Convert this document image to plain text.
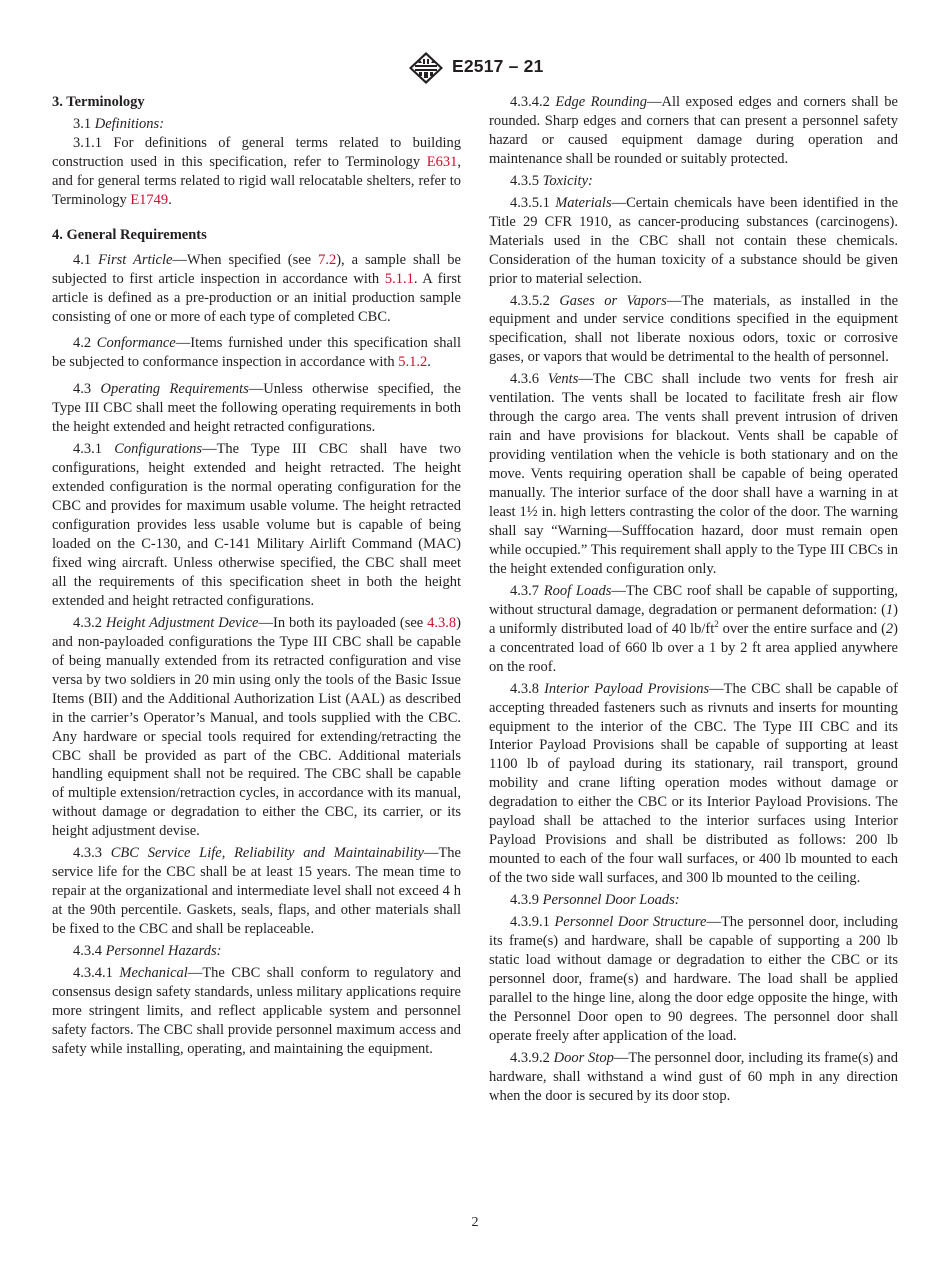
E2517 – 21
3. Terminology

3.1 Definitions:

3.1.1 For definitions of general terms related to building construction used in this specification, refer to Terminology E631, and for general terms related to rigid wall relocatable shelters, refer to Terminology E1749.

4. General Requirements

4.1 First Article—When specified (see 7.2), a sample shall be subjected to first article inspection in accordance with 5.1.1. A first article is defined as a pre-production or an initial production sample consisting of one or more of each type of completed CBC.

4.2 Conformance—Items furnished under this specification shall be subjected to conformance inspection in accordance with 5.1.2.

4.3 Operating Requirements—Unless otherwise specified, the Type III CBC shall meet the following operating requirements in both the height extended and height retracted configurations.

4.3.1 Configurations—The Type III CBC shall have two configurations, height extended and height retracted. The height extended configuration is the normal operating configuration for the CBC and provides for maximum usable volume. The height retracted configuration provides less usable volume but is capable of being loaded on the C-130, and C-141 Military Airlift Command (MAC) fixed wing aircraft. Unless otherwise specified, the CBC shall meet all the requirements of this specification sheet in both the height extended and height retracted configurations.

4.3.2 Height Adjustment Device—In both its payloaded (see 4.3.8) and non-payloaded configurations the Type III CBC shall be capable of being manually extended from its retracted configuration and vise versa by two soldiers in 20 min using only the tools of the Basic Issue Items (BII) and the Additional Authorization List (AAL) as described in the carrier’s Operator’s Manual, and tools supplied with the CBC. Any hardware or special tools required for extending/retracting the CBC shall be provided as part of the CBC. Additional materials handling equipment shall not be required. The CBC shall be capable of multiple extension/retraction cycles, in accordance with its manual, without damage or degradation to either the CBC, its carrier, or its height adjustment devise.

4.3.3 CBC Service Life, Reliability and Maintainability—The service life for the CBC shall be at least 15 years. The mean time to repair at the organizational and intermediate level shall not exceed 4 h at the 90th percentile. Gaskets, seals, flaps, and other materials shall be fixed to the CBC and shall be replaceable.

4.3.4 Personnel Hazards:

4.3.4.1 Mechanical—The CBC shall conform to regulatory and consensus design safety standards, unless military applications require more stringent limits, and reflect applicable system and personnel safety factors. The CBC shall provide personnel maximum access and safety while installing, operating, and maintaining the equipment.

4.3.4.2 Edge Rounding—All exposed edges and corners shall be rounded. Sharp edges and corners that can present a personnel safety hazard or caused equipment damage during operation and maintenance shall be rounded or suitably protected.

4.3.5 Toxicity:

4.3.5.1 Materials—Certain chemicals have been identified in the Title 29 CFR 1910, as cancer-producing substances (carcinogens). Materials used in the CBC shall not contain these chemicals. Consideration of the human toxicity of a substance should be given prior to material selection.

4.3.5.2 Gases or Vapors—The materials, as installed in the equipment and under service conditions specified in the equipment specification, shall not liberate noxious odors, toxic or corrosive gases, or vapors that would be detrimental to the health of personnel.

4.3.6 Vents—The CBC shall include two vents for fresh air ventilation. The vents shall be located to facilitate fresh air flow through the cargo area. The vents shall prevent intrusion of driven rain and have provisions for blackout. Vents shall be capable of providing ventilation when the vehicle is both stationary and on the move. Vents requiring operation shall be capable of being operated manually. The interior surface of the door shall have a warning in at least 1½ in. high letters contrasting the color of the door. The warning shall say “Warning—Sufffocation hazard, door must remain open while occupied.” This requirement shall apply to the Type III CBCs in the height extended configuration only.

4.3.7 Roof Loads—The CBC roof shall be capable of supporting, without structural damage, degradation or permanent deformation: (1) a uniformly distributed load of 40 $lb/ft^2$ over the entire surface and (2) a concentrated load of 660 lb over a 1 by 2 ft area applied anywhere on the roof.

4.3.8 Interior Payload Provisions—The CBC shall be capable of accepting threaded fasteners such as rivnuts and inserts for mounting equipment to the interior of the CBC. The Type III CBC and its Interior Payload Provisions shall be capable of supporting at least 1100 lb of payload during its stationary, rail transport, ground mobility and crane lifting operation modes without damage or degradation to either the CBC or its Interior Payload Provisions. The payload shall be attached to the interior surfaces using Interior Payload Provisions and shall be distributed as follows: 200 lb mounted to each of the four wall surfaces, or 400 lb mounted to each of the two side wall surfaces, and 300 lb mounted to the ceiling.

4.3.9 Personnel Door Loads:

4.3.9.1 Personnel Door Structure—The personnel door, including its frame(s) and hardware, shall be capable of supporting a 200 lb static load without damage or degradation to either the CBC or its personnel door, frame(s) and hardware. The load shall be applied parallel to the hinge line, along the door edge opposite the hinge, with the Personnel Door open to 90 degrees. The personnel door shall operate freely after application of the load.

4.3.9.2 Door Stop—The personnel door, including its frame(s) and hardware, shall withstand a wind gust of 60 mph in any direction when the door is secured by its door stop.

2
